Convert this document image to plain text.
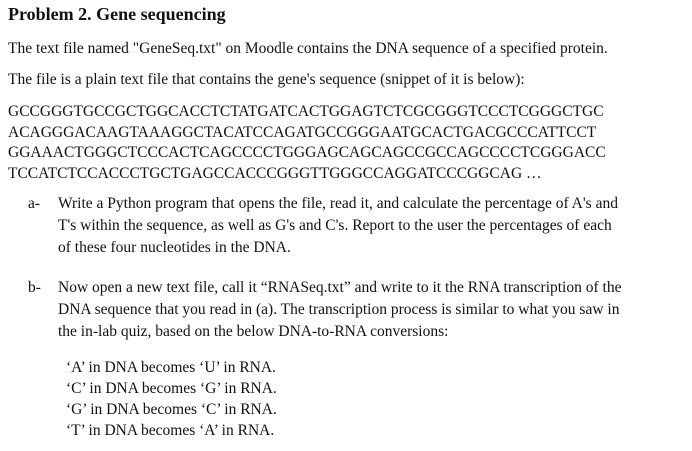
Problem 2. Gene sequencing
The text file named "GeneSeq.txt" on Moodle contains the DNA sequence of a specified protein.
The file is a plain text file that contains the gene's sequence (snippet of it is below):
GCCGGGTGCCGCTGGCACCTCTATGATCACTGGAGTCTCGCGGGTCCCTCGGGCTGC
ACAGGGACAAGTAAAGGCTACATCCAGATGCCGGGAATGCACTGACGCCCATTCCT
GGAAACTGGGCTCCCACTCAGCCCCTGGGAGCAGCAGCCGCCAGCCCCTCGGGACC
TCCATCTCCACCCTGCTGAGCCACCCGGGTTGGGCCAGGATCCCGGCAG …
a- Write a Python program that opens the file, read it, and calculate the percentage of A's and
T's within the sequence, as well as G's and C's. Report to the user the percentages of each
of these four nucleotides in the DNA.
b- Now open a new text file, call it “RNASeq.txt” and write to it the RNA transcription of the
DNA sequence that you read in (a). The transcription process is similar to what you saw in
the in-lab quiz, based on the below DNA-to-RNA conversions:
‘A’ in DNA becomes ‘U’ in RNA.
‘C’ in DNA becomes ‘G’ in RNA.
‘G’ in DNA becomes ‘C’ in RNA.
‘T’ in DNA becomes ‘A’ in RNA.
